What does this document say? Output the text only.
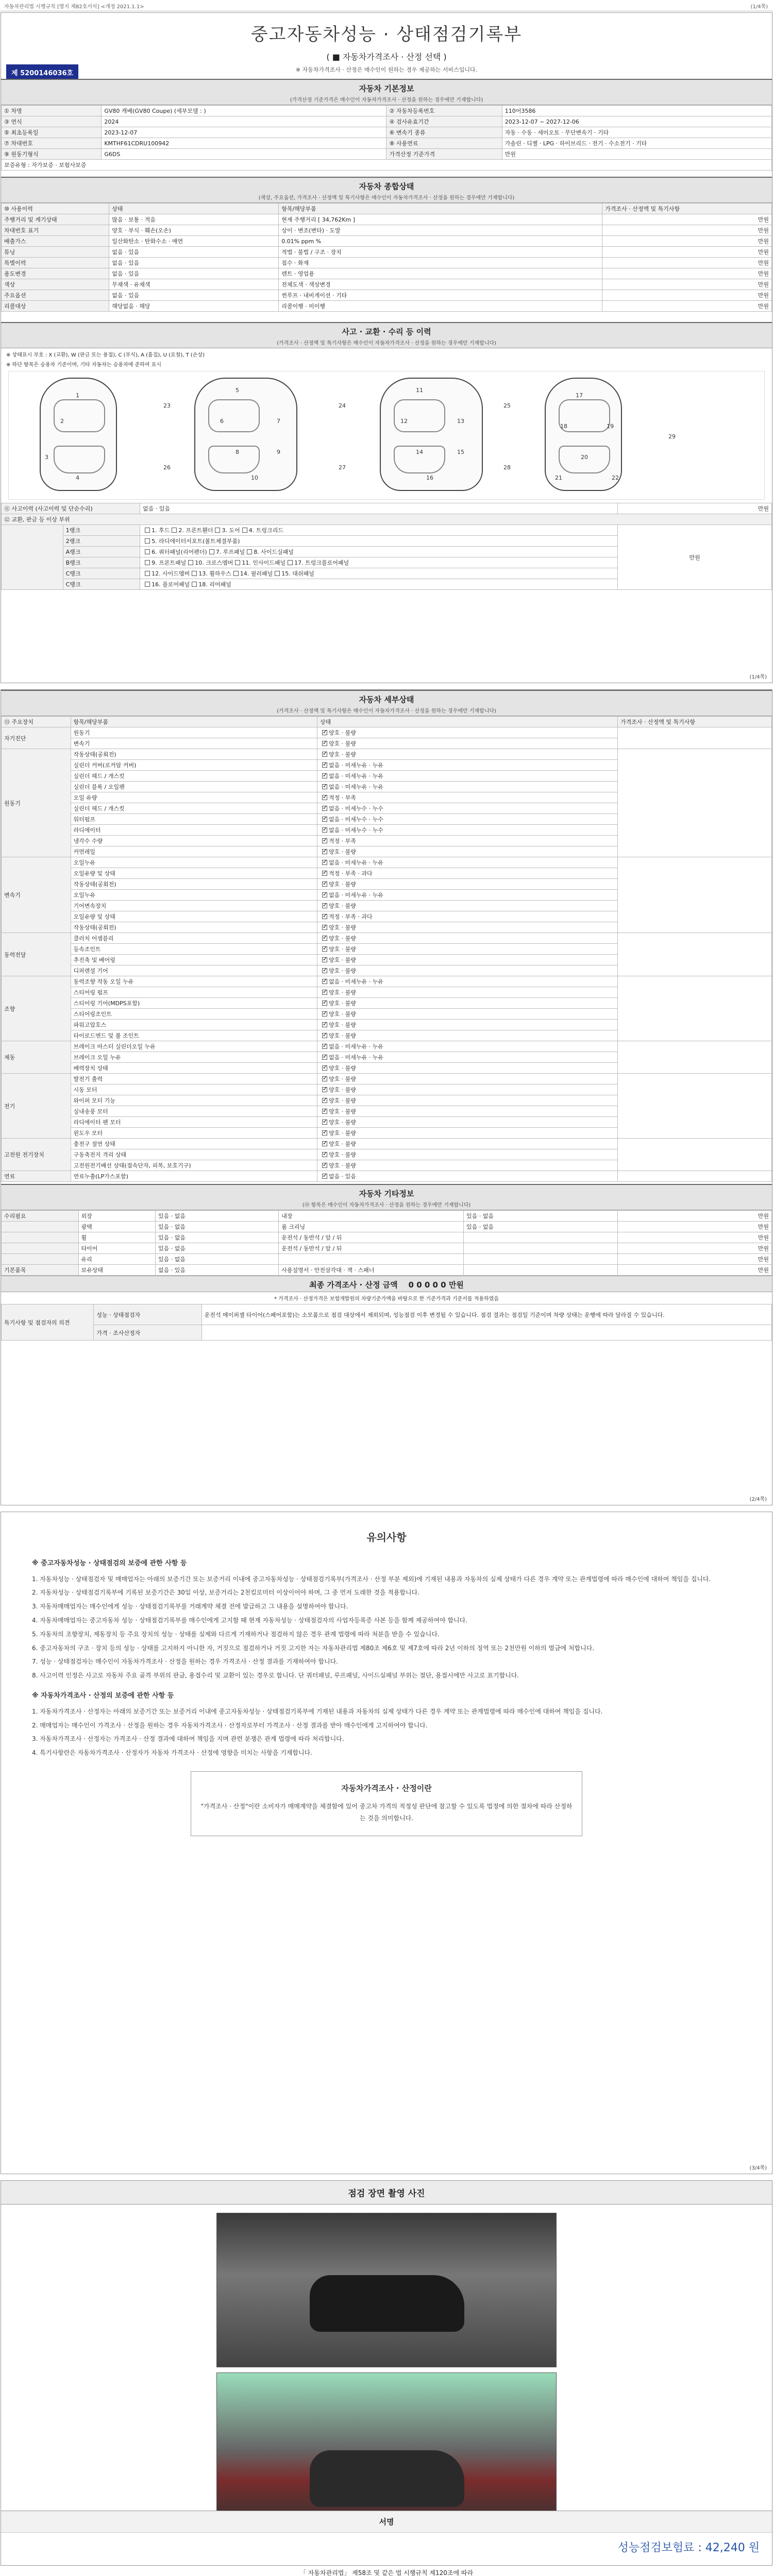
자동차관리법 시행규칙 [별지 제82호서식] <개정 2021.1.1>	(1/4쪽)
중고자동차성능 · 상태점검기록부
( ■ 자동차가격조사 · 산정 선택 )
※ 자동차가격조사 · 산정은 매수인이 원하는 경우 제공하는 서비스입니다.
제 5200146036호
자동차 기본정보
(가격산정 기준가격은 매수인이 자동차가격조사 · 산정을 원하는 경우에만 기재합니다)
① 차명	GV80 캐베(GV80 Coupe) (세부모델 : )	② 자동차등록번호	110어3586
③ 연식	2024	④ 검사유효기간	2023-12-07 ~ 2027-12-06
⑤ 최초등록일	2023-12-07	⑥ 변속기 종류	자동 · 수동 · 세미오토 · 무단변속기 · 기타
⑦ 차대번호	KMTHF61CDRU100942	⑧ 사용연료	가솔린 · 디젤 · LPG · 하이브리드 · 전기 · 수소전기 · 기타
⑨ 원동기형식	G6DS	가격산정 기준가격	만원
보증유형 : 자가보증 · 보험사보증			
자동차 종합상태
(색상, 주요옵션, 가격조사 · 산정액 및 특기사항은 매수인이 자동차가격조사 · 산정을 원하는 경우에만 기재합니다)
⑩ 사용이력	상태	항목/해당부품	가격조사 · 산정액 및 특기사항
주행거리 및 계기상태	많음 · 보통 · 적음	현재 주행거리 [ 34,762Km ]	만원
차대번호 표기	양호 · 부식 · 훼손(오손)	상이 · 변조(변타) · 도말	만원
배출가스	일산화탄소 · 탄화수소 · 매연	0.01% ppm %	만원
튜닝	없음 · 있음	적법 · 불법 / 구조 · 장치	만원
특별이력	없음 · 있음	침수 · 화재	만원
용도변경	없음 · 있음	렌트 · 영업용	만원
색상	무채색 · 유채색	전체도색 · 색상변경	만원
주요옵션	없음 · 있음	썬루프 · 내비게이션 · 기타	만원
리콜대상	해당없음 · 해당	리콜이행 · 미이행	만원
사고 · 교환 · 수리 등 이력
(가격조사 · 산정액 및 특기사항은 매수인이 자동차가격조사 · 산정을 원하는 경우에만 기재합니다)
※ 상태표시 부호 : X (교환), W (판금 또는 용접), C (부식), A (흠집), U (요철), T (손상)
※ 하단 항목은 승용차 기준이며, 기타 자동차는 승용차에 준하여 표시
1
2
3
4
5
6	7
8	9
10
11
12	13
14	15
16
17
18	19
20
21	22
23	24	25
26	27	28
29
⑪ 사고이력 (사고이력 및 단순수리)		없음 · 있음	만원
⑫ 교환, 판금 등 이상 부위			
	1랭크	1. 후드 2. 프론트휀더 3. 도어 4. 트렁크리드	만원
	2랭크	5. 라디에이터서포트(볼트체결부품)	
	A랭크	6. 쿼터패널(리어펜더) 7. 루프패널 8. 사이드실패널	
	B랭크	9. 프론트패널 10. 크로스멤버 11. 인사이드패널 17. 트렁크플로어패널	
	C랭크	12. 사이드멤버 13. 휠하우스 14. 필러패널 15. 대쉬패널	
	C랭크	16. 플로어패널 18. 리어패널	
(1/4쪽)
자동차 세부상태
(가격조사 · 산정액 및 특기사항은 매수인이 자동차가격조사 · 산정을 원하는 경우에만 기재합니다)
⑬ 주요장치	항목/해당부품	상태	가격조사 · 산정액 및 특기사항
자기진단	원동기	✓양호 · 불량	
	변속기	✓양호 · 불량
원동기	작동상태(공회전)	✓양호 · 불량	
	실린더 커버(로커암 커버)	✓없음 · 미세누유 · 누유
	실린더 헤드 / 개스킷	✓없음 · 미세누유 · 누유
	실린더 블록 / 오일팬	✓없음 · 미세누유 · 누유
	오일 유량	✓적정 · 부족
	실린더 헤드 / 개스킷	✓없음 · 미세누수 · 누수
	워터펌프	✓없음 · 미세누수 · 누수
	라디에이터	✓없음 · 미세누수 · 누수
	냉각수 수량	✓적정 · 부족
	커먼레일	✓양호 · 불량
변속기	오일누유	✓없음 · 미세누유 · 누유	
	오일유량 및 상태	✓적정 · 부족 · 과다
	작동상태(공회전)	✓양호 · 불량
	오일누유	✓없음 · 미세누유 · 누유
	기어변속장치	✓양호 · 불량
	오일유량 및 상태	✓적정 · 부족 · 과다
	작동상태(공회전)	✓양호 · 불량
동력전달	클러치 어셈블리	✓양호 · 불량	
	등속조인트	✓양호 · 불량
	추진축 및 베어링	✓양호 · 불량
	디퍼렌셜 기어	✓양호 · 불량
조향	동력조향 작동 오일 누유	✓없음 · 미세누유 · 누유	
	스티어링 펌프	✓양호 · 불량
	스티어링 기어(MDPS포함)	✓양호 · 불량
	스티어링조인트	✓양호 · 불량
	파워고압호스	✓양호 · 불량
	타이로드엔드 및 볼 조인트	✓양호 · 불량
제동	브레이크 마스터 실린더오일 누유	✓없음 · 미세누유 · 누유	
	브레이크 오일 누유	✓없음 · 미세누유 · 누유
	배력장치 상태	✓양호 · 불량
전기	발전기 출력	✓양호 · 불량	
	시동 모터	✓양호 · 불량
	와이퍼 모터 기능	✓양호 · 불량
	실내송풍 모터	✓양호 · 불량
	라디에이터 팬 모터	✓양호 · 불량
	윈도우 모터	✓양호 · 불량
고전원 전기장치	충전구 절연 상태	✓양호 · 불량	
	구동축전지 격리 상태	✓양호 · 불량
	고전원전기배선 상태(접속단자, 피복, 보호기구)	✓양호 · 불량
연료	연료누출(LP가스포함)	✓없음 · 있음	
자동차 기타정보
(⑭ 항목은 매수인이 자동차가격조사 · 산정을 원하는 경우에만 기재합니다)
수리필요	외장	있음 · 없음	내장	있음 · 없음	만원
	광택	있음 · 없음	룸 크리닝	있음 · 없음	만원
	휠	있음 · 없음	운전석 / 동반석 / 앞 / 뒤		만원
	타이어	있음 · 없음	운전석 / 동반석 / 앞 / 뒤		만원
	유리	있음 · 없음			만원
기본품목	보유상태	없음 · 있음	사용설명서 · 안전삼각대 · 잭 · 스패너		만원
최종 가격조사 · 산정 금액 0 0 0 0 0 만원
* 가격조사 · 산정가격은 보험개발원의 차량기준가액을 바탕으로 한 기준가격과 기준서를 적용하였음
특기사항 및 점검자의 의견	성능 · 상태점검자	운전석 메이퍼셸 타이어(스페어포함)는 소모품으로 점검 대상에서 제외되며, 성능점검 이후 변경될 수 있습니다. 점검 결과는 점검일 기준이며 차량 상태는 운행에 따라 달라질 수 있습니다.
	가격 · 조사산정자	
(2/4쪽)
유의사항
※ 중고자동차성능 · 상태점검의 보증에 관한 사항 등

1. 자동차성능 · 상태점검자 및 매매업자는 아래의 보증기간 또는 보증거리 이내에 중고자동차성능 · 상태점검기록부(가격조사 · 산정 부분 제외)에 기재된 내용과 자동차의 실제 상태가 다른 경우 계약 또는 관계법령에 따라 매수인에 대하여 책임을 집니다.

2. 자동차성능 · 상태점검기록부에 기록된 보증기간은 30일 이상, 보증거리는 2천킬로미터 이상이어야 하며, 그 중 먼저 도래한 것을 적용합니다.

3. 자동차매매업자는 매수인에게 성능 · 상태점검기록부를 거래계약 체결 전에 발급하고 그 내용을 설명하여야 합니다.

4. 자동차매매업자는 중고자동차 성능 · 상태점검기록부를 매수인에게 고지할 때 현재 자동차성능 · 상태점검자의 사업자등록증 사본 등을 함께 제공하여야 합니다.

5. 자동차의 조향장치, 제동장치 등 주요 장치의 성능 · 상태를 실제와 다르게 기재하거나 점검하지 않은 경우 관계 법령에 따라 처분을 받을 수 있습니다.

6. 중고자동차의 구조 · 장치 등의 성능 · 상태를 고지하지 아니한 자, 거짓으로 점검하거나 거짓 고지한 자는 자동차관리법 제80조 제6호 및 제7호에 따라 2년 이하의 징역 또는 2천만원 이하의 벌금에 처합니다.

7. 성능 · 상태점검자는 매수인이 자동차가격조사 · 산정을 원하는 경우 가격조사 · 산정 결과를 기재하여야 합니다.

8. 사고이력 인정은 사고로 자동차 주요 골격 부위의 판금, 용접수리 및 교환이 있는 경우로 합니다. 단 쿼터패널, 루프패널, 사이드실패널 부위는 절단, 용접시에만 사고로 표기합니다.

※ 자동차가격조사 · 산정의 보증에 관한 사항 등

1. 자동차가격조사 · 산정자는 아래의 보증기간 또는 보증거리 이내에 중고자동차성능 · 상태점검기록부에 기재된 내용과 자동차의 실제 상태가 다른 경우 계약 또는 관계법령에 따라 매수인에 대하여 책임을 집니다.

2. 매매업자는 매수인이 가격조사 · 산정을 원하는 경우 자동차가격조사 · 산정자로부터 가격조사 · 산정 결과를 받아 매수인에게 고지하여야 합니다.

3. 자동차가격조사 · 산정자는 가격조사 · 산정 결과에 대하여 책임을 지며 관련 분쟁은 관계 법령에 따라 처리합니다.

4. 특기사항란은 자동차가격조사 · 산정자가 자동차 가격조사 · 산정에 영향을 미치는 사항을 기재합니다.

자동차가격조사 · 산정이란

"가격조사 · 산정"이란 소비자가 매매계약을 체결함에 있어 중고차 가격의 적정성 판단에 참고할 수 있도록 법정에 의한 절차에 따라 산정하는 것을 의미합니다.

(3/4쪽)
점검 장면 촬영 사진
서명
성능점검보험료 : 42,240 원
「 자동차관리법」 제58조 및 같은 법 시행규칙 제120조에 따라
